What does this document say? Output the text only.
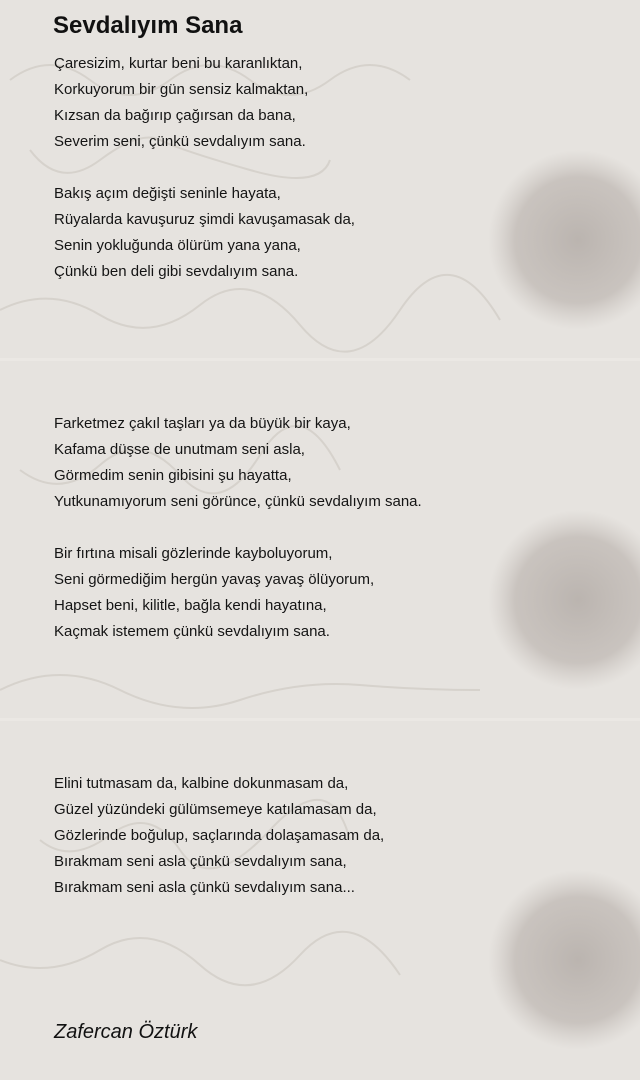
Sevdalıyım Sana
Çaresizim, kurtar beni bu karanlıktan,
Korkuyorum bir gün sensiz kalmaktan,
Kızsan da bağırıp çağırsan da bana,
Severim seni, çünkü sevdalıyım sana.
Bakış açım değişti seninle hayata,
Rüyalarda kavuşuruz şimdi kavuşamasak da,
Senin yokluğunda ölürüm yana yana,
Çünkü ben deli gibi sevdalıyım sana.
Farketmez çakıl taşları ya da büyük bir kaya,
Kafama düşse de unutmam seni asla,
Görmedim senin gibisini şu hayatta,
Yutkunamıyorum seni görünce, çünkü sevdalıyım sana.
Bir fırtına misali gözlerinde kayboluyorum,
Seni görmediğim hergün yavaş yavaş ölüyorum,
Hapset beni, kilitle, bağla kendi hayatına,
Kaçmak istemem çünkü sevdalıyım sana.
Elini tutmasam da, kalbine dokunmasam da,
Güzel yüzündeki gülümsemeye katılamasam da,
Gözlerinde boğulup, saçlarında dolaşamasam da,
Bırakmam seni asla çünkü sevdalıyım sana,
Bırakmam seni asla çünkü sevdalıyım sana...

Zafercan Öztürk
